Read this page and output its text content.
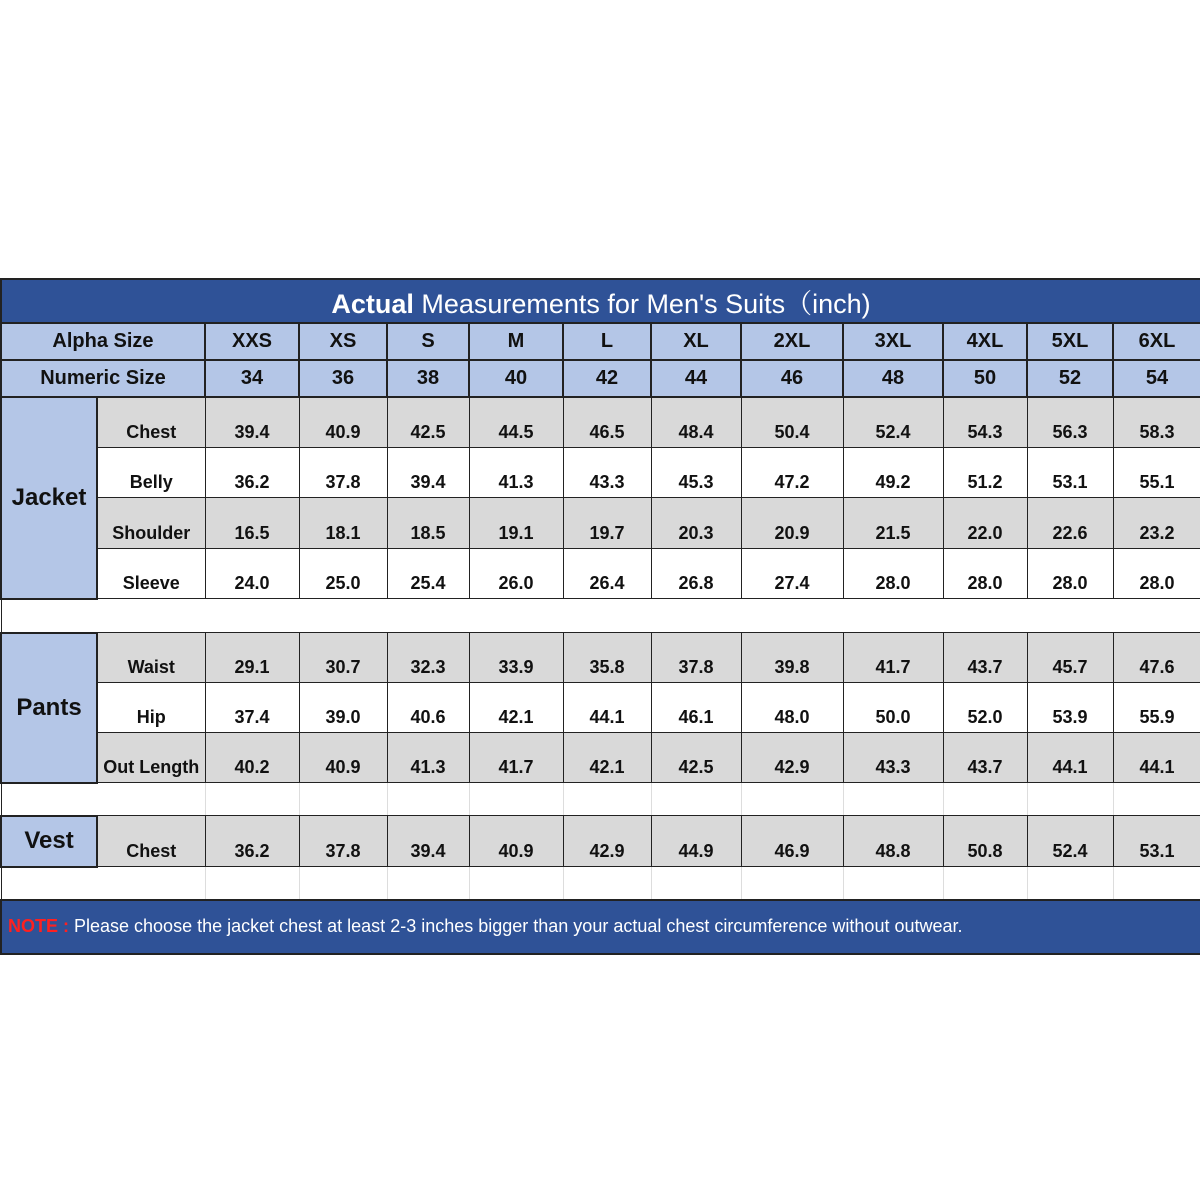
Actual Measurements for Men's Suits（inch)												
Alpha Size		XXS	XS	S	M	L	XL	2XL	3XL	4XL	5XL	6XL
Numeric Size		34	36	38	40	42	44	46	48	50	52	54
Jacket	Chest	39.4	40.9	42.5	44.5	46.5	48.4	50.4	52.4	54.3	56.3	58.3
	Belly	36.2	37.8	39.4	41.3	43.3	45.3	47.2	49.2	51.2	53.1	55.1
	Shoulder	16.5	18.1	18.5	19.1	19.7	20.3	20.9	21.5	22.0	22.6	23.2
	Sleeve	24.0	25.0	25.4	26.0	26.4	26.8	27.4	28.0	28.0	28.0	28.0

Pants	Waist	29.1	30.7	32.3	33.9	35.8	37.8	39.8	41.7	43.7	45.7	47.6
	Hip	37.4	39.0	40.6	42.1	44.1	46.1	48.0	50.0	52.0	53.9	55.9
	Out Length	40.2	40.9	41.3	41.7	42.1	42.5	42.9	43.3	43.7	44.1	44.1

Vest	Chest	36.2	37.8	39.4	40.9	42.9	44.9	46.9	48.8	50.8	52.4	53.1

NOTE : Please choose the jacket chest at least 2-3 inches bigger than your actual chest circumference without outwear.												
